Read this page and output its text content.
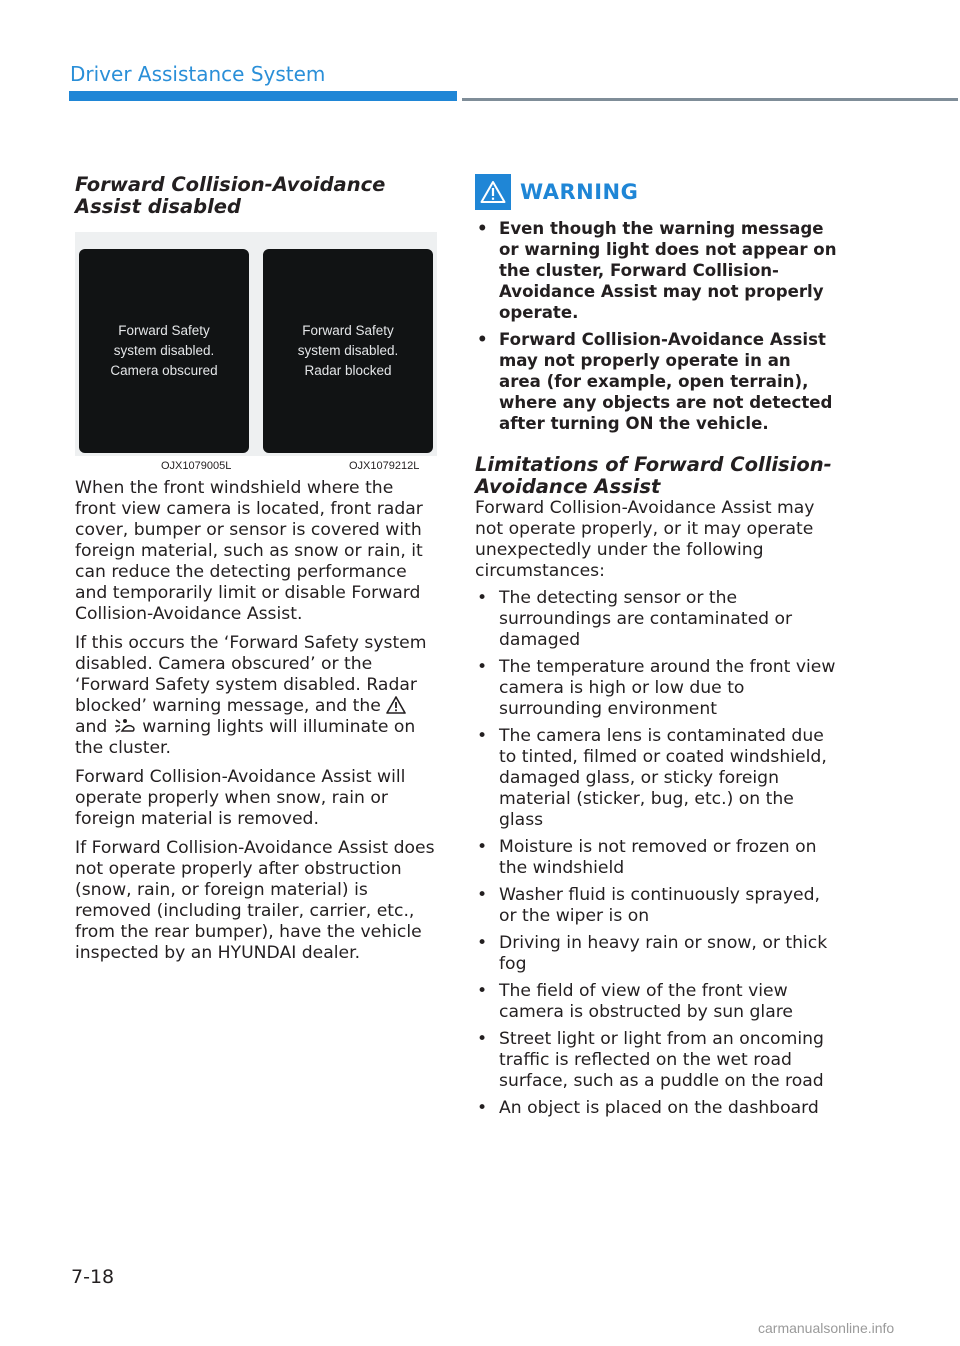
Driver Assistance System
Forward Collision-Avoidance Assist disabled
Forward Safety
system disabled.
Camera obscured
Forward Safety
system disabled.
Radar blocked
OJX1079005L	OJX1079212L

When the front windshield where the front view camera is located, front radar cover, bumper or sensor is covered with foreign material, such as snow or rain, it can reduce the detecting performance and temporarily limit or disable Forward Collision-Avoidance Assist.

If this occurs the ‘Forward Safety system disabled. Camera obscured’ or the ‘Forward Safety system disabled. Radar blocked’ warning message, and the  and warning lights will illuminate on the cluster.

Forward Collision-Avoidance Assist will operate properly when snow, rain or foreign material is removed.

If Forward Collision-Avoidance Assist does not operate properly after obstruction (snow, rain, or foreign material) is removed (including trailer, carrier, etc., from the rear bumper), have the vehicle inspected by an HYUNDAI dealer.

WARNING
• Even though the warning message or warning light does not appear on the cluster, Forward Collision-Avoidance Assist may not properly operate.
• Forward Collision-Avoidance Assist may not properly operate in an area (for example, open terrain), where any objects are not detected after turning ON the vehicle.
Limitations of Forward Collision-Avoidance Assist

Forward Collision-Avoidance Assist may not operate properly, or it may operate unexpectedly under the following circumstances:

• The detecting sensor or the surroundings are contaminated or damaged
• The temperature around the front view camera is high or low due to surrounding environment
• The camera lens is contaminated due to tinted, filmed or coated windshield, damaged glass, or sticky foreign material (sticker, bug, etc.) on the glass
• Moisture is not removed or frozen on the windshield
• Washer fluid is continuously sprayed, or the wiper is on
• Driving in heavy rain or snow, or thick fog
• The field of view of the front view camera is obstructed by sun glare
• Street light or light from an oncoming traffic is reflected on the wet road surface, such as a puddle on the road
• An object is placed on the dashboard
7-18
carmanualsonline.info
